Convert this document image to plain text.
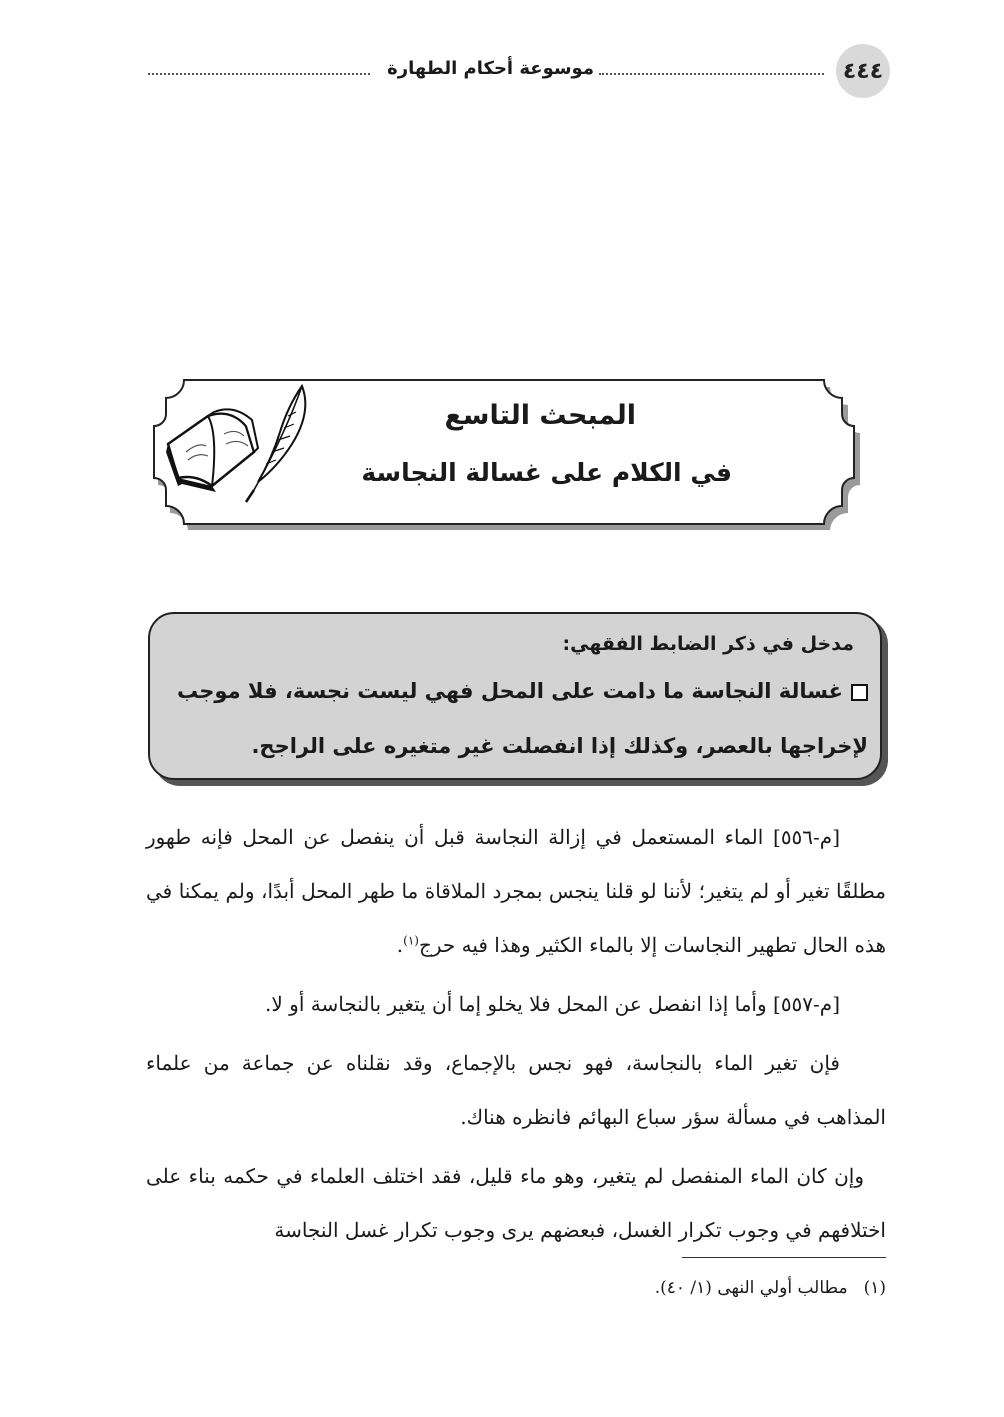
٤٤٤
موسوعة أحكام الطهارة
المبحث التاسع
في الكلام على غسالة النجاسة
مدخل في ذكر الضابط الفقهي:
غسالة النجاسة ما دامت على المحل فهي ليست نجسة، فلا موجب لإخراجها بالعصر، وكذلك إذا انفصلت غير متغيره على الراجح.

[م-٥٥٦] الماء المستعمل في إزالة النجاسة قبل أن ينفصل عن المحل فإنه طهور مطلقًا تغير أو لم يتغير؛ لأننا لو قلنا ينجس بمجرد الملاقاة ما طهر المحل أبدًا، ولم يمكنا في هذه الحال تطهير النجاسات إلا بالماء الكثير وهذا فيه حرج$^{(١)}$.

[م-٥٥٧] وأما إذا انفصل عن المحل فلا يخلو إما أن يتغير بالنجاسة أو لا.

فإن تغير الماء بالنجاسة، فهو نجس بالإجماع، وقد نقلناه عن جماعة من علماء المذاهب في مسألة سؤر سباع البهائم فانظره هناك.

وإن كان الماء المنفصل لم يتغير، وهو ماء قليل، فقد اختلف العلماء في حكمه بناء على اختلافهم في وجوب تكرار الغسل، فبعضهم يرى وجوب تكرار غسل النجاسة

(١)مطالب أولي النهى (١/ ٤٠).
